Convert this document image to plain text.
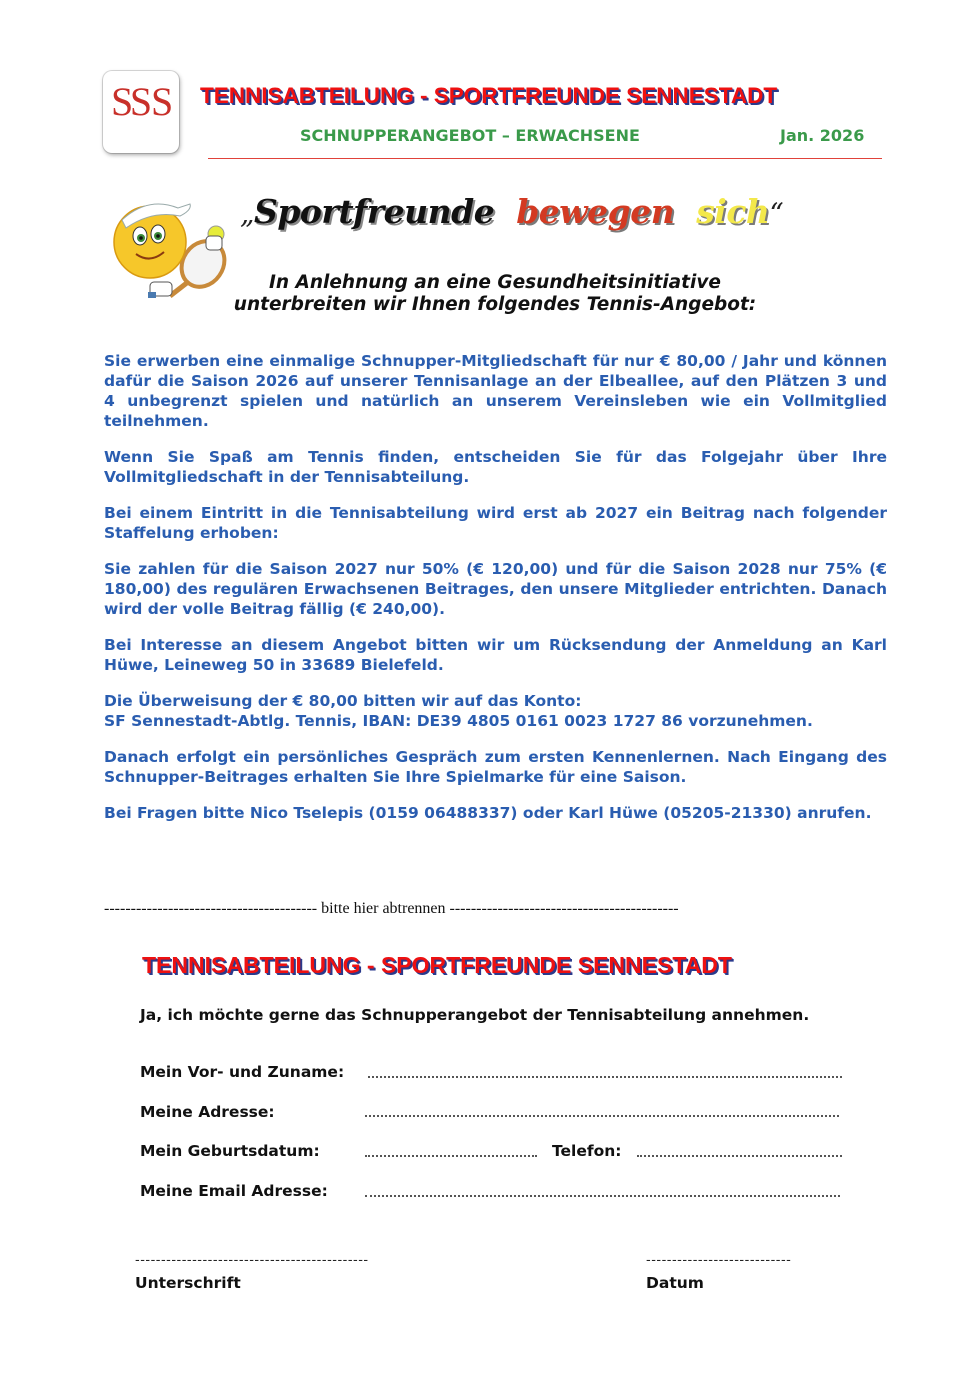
S
S S TENNISABTEILUNG - SPORTFREUNDE SENNESTADT
SCHNUPPERANGEBOT – ERWACHSENE	Jan. 2026
„Sportfreunde bewegen sich“
In Anlehnung an eine Gesundheitsinitiative
unterbreiten wir Ihnen folgendes Tennis-Angebot:

Sie erwerben eine einmalige Schnupper-Mitgliedschaft für nur € 80,00 / Jahr und können dafür die Saison 2026 auf unserer Tennisanlage an der Elbeallee, auf den Plätzen 3 und 4 unbegrenzt spielen und natürlich an unserem Vereinsleben wie ein Vollmitglied teilnehmen.

Wenn Sie Spaß am Tennis finden, entscheiden Sie für das Folgejahr über Ihre Vollmitgliedschaft in der Tennisabteilung.

Bei einem Eintritt in die Tennisabteilung wird erst ab 2027 ein Beitrag nach folgender Staffelung erhoben:

Sie zahlen für die Saison 2027 nur 50% (€ 120,00) und für die Saison 2028 nur 75% (€ 180,00) des regulären Erwachsenen Beitrages, den unsere Mitglieder entrichten. Danach wird der volle Beitrag fällig (€ 240,00).

Bei Interesse an diesem Angebot bitten wir um Rücksendung der Anmeldung an Karl Hüwe, Leineweg 50 in 33689 Bielefeld.

Die Überweisung der € 80,00 bitten wir auf das Konto:
SF Sennestadt-Abtlg. Tennis, IBAN: DE39 4805 0161 0023 1727 86 vorzunehmen.

Danach erfolgt ein persönliches Gespräch zum ersten Kennenlernen. Nach Eingang des Schnupper-Beitrages erhalten Sie Ihre Spielmarke für eine Saison.

Bei Fragen bitte Nico Tselepis (0159 06488337) oder Karl Hüwe (05205-21330) anrufen.

---------------------------------------- bitte hier abtrennen -------------------------------------------
TENNISABTEILUNG - SPORTFREUNDE SENNESTADT
Ja, ich möchte gerne das Schnupperangebot der Tennisabteilung annehmen.
Mein Vor- und Zuname:
Meine Adresse:
Mein Geburtsdatum:	Telefon:
Meine Email Adresse:
---------------------------------------------
Unterschrift
----------------------------
Datum
